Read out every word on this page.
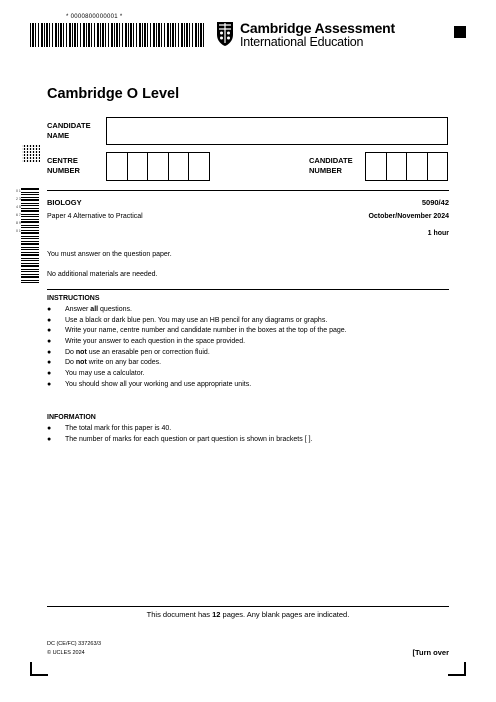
* 0000800000001 *
Cambridge Assessment
International Education
Cambridge O Level
CANDIDATE
NAME
CENTRE
NUMBER
CANDIDATE
NUMBER
0 1 2 3 4 5 6 7 8 9 0 1
BIOLOGY	5090/42
Paper 4 Alternative to Practical	October/November 2024
1 hour
You must answer on the question paper.
No additional materials are needed.
INSTRUCTIONS
● Answer all questions.
● Use a black or dark blue pen. You may use an HB pencil for any diagrams or graphs.
● Write your name, centre number and candidate number in the boxes at the top of the page.
● Write your answer to each question in the space provided.
● Do not use an erasable pen or correction fluid.
● Do not write on any bar codes.
● You may use a calculator.
● You should show all your working and use appropriate units.
INFORMATION
● The total mark for this paper is 40.
● The number of marks for each question or part question is shown in brackets [ ].
This document has 12 pages. Any blank pages are indicated.
DC (CE/FC) 337263/3
© UCLES 2024	[Turn over
